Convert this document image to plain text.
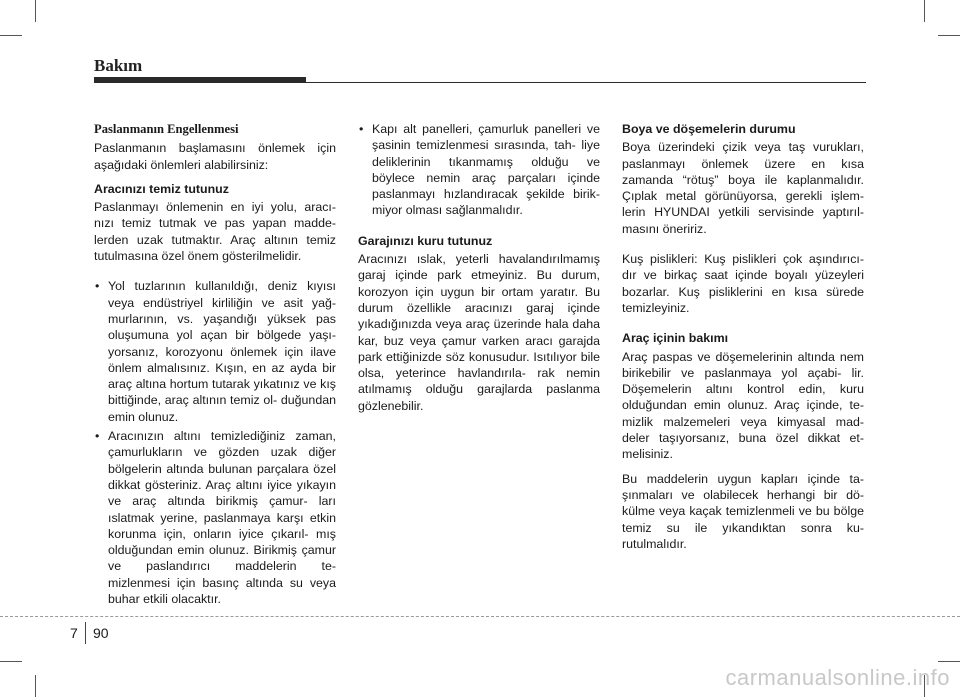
Bakım
Paslanmanın Engellenmesi

Paslanmanın başlamasını önlemek için aşağıdaki önlemleri alabilirsiniz:

Aracınızı temiz tutunuz

Paslanmayı önlemenin en iyi yolu, aracı- nızı temiz tutmak ve pas yapan madde- lerden uzak tutmaktır. Araç altının temiz tutulmasına özel önem gösterilmelidir.

• Yol tuzlarının kullanıldığı, deniz kıyısı veya endüstriyel kirliliğin ve asit yağ- murlarının, vs. yaşandığı yüksek pas oluşumuna yol açan bir bölgede yaşı- yorsanız, korozyonu önlemek için ilave önlem almalısınız. Kışın, en az ayda bir araç altına hortum tutarak yıkatınız ve kış bittiğinde, araç altının temiz ol- duğundan emin olunuz.
• Aracınızın altını temizlediğiniz zaman, çamurlukların ve gözden uzak diğer bölgelerin altında bulunan parçalara özel dikkat gösteriniz. Araç altını iyice yıkayın ve araç altında birikmiş çamur- ları ıslatmak yerine, paslanmaya karşı etkin korunma için, onların iyice çıkarıl- mış olduğundan emin olunuz. Birikmiş çamur ve paslandırıcı maddelerin te- mizlenmesi için basınç altında su veya buhar etkili olacaktır.
• Kapı alt panelleri, çamurluk panelleri ve şasinin temizlenmesi sırasında, tah- liye deliklerinin tıkanmamış olduğu ve böylece nemin araç parçaları içinde paslanmayı hızlandıracak şekilde birik- miyor olması sağlanmalıdır.
Garajınızı kuru tutunuz

Aracınızı ıslak, yeterli havalandırılmamış garaj içinde park etmeyiniz. Bu durum, korozyon için uygun bir ortam yaratır. Bu durum özellikle aracınızı garaj içinde yıkadığınızda veya araç üzerinde hala daha kar, buz veya çamur varken aracı garajda park ettiğinizde söz konusudur. Isıtılıyor bile olsa, yeterince havlandırıla- rak nemin atılmamış olduğu garajlarda paslanma gözlenebilir.

Boya ve döşemelerin durumu

Boya üzerindeki çizik veya taş vurukları, paslanmayı önlemek üzere en kısa zamanda “rötuş” boya ile kaplanmalıdır. Çıplak metal görünüyorsa, gerekli işlem- lerin HYUNDAI yetkili servisinde yaptırıl- masını öneririz.

Kuş pislikleri: Kuş pislikleri çok aşındırıcı- dır ve birkaç saat içinde boyalı yüzeyleri bozarlar. Kuş pisliklerini en kısa sürede temizleyiniz.

Araç içinin bakımı

Araç paspas ve döşemelerinin altında nem birikebilir ve paslanmaya yol açabi- lir. Döşemelerin altını kontrol edin, kuru olduğundan emin olunuz. Araç içinde, te- mizlik malzemeleri veya kimyasal mad- deler taşıyorsanız, buna özel dikkat et- melisiniz.

Bu maddelerin uygun kapları içinde ta- şınmaları ve olabilecek herhangi bir dö- külme veya kaçak temizlenmeli ve bu bölge temiz su ile yıkandıktan sonra ku- rutulmalıdır.

7 90
carmanualsonline.info
